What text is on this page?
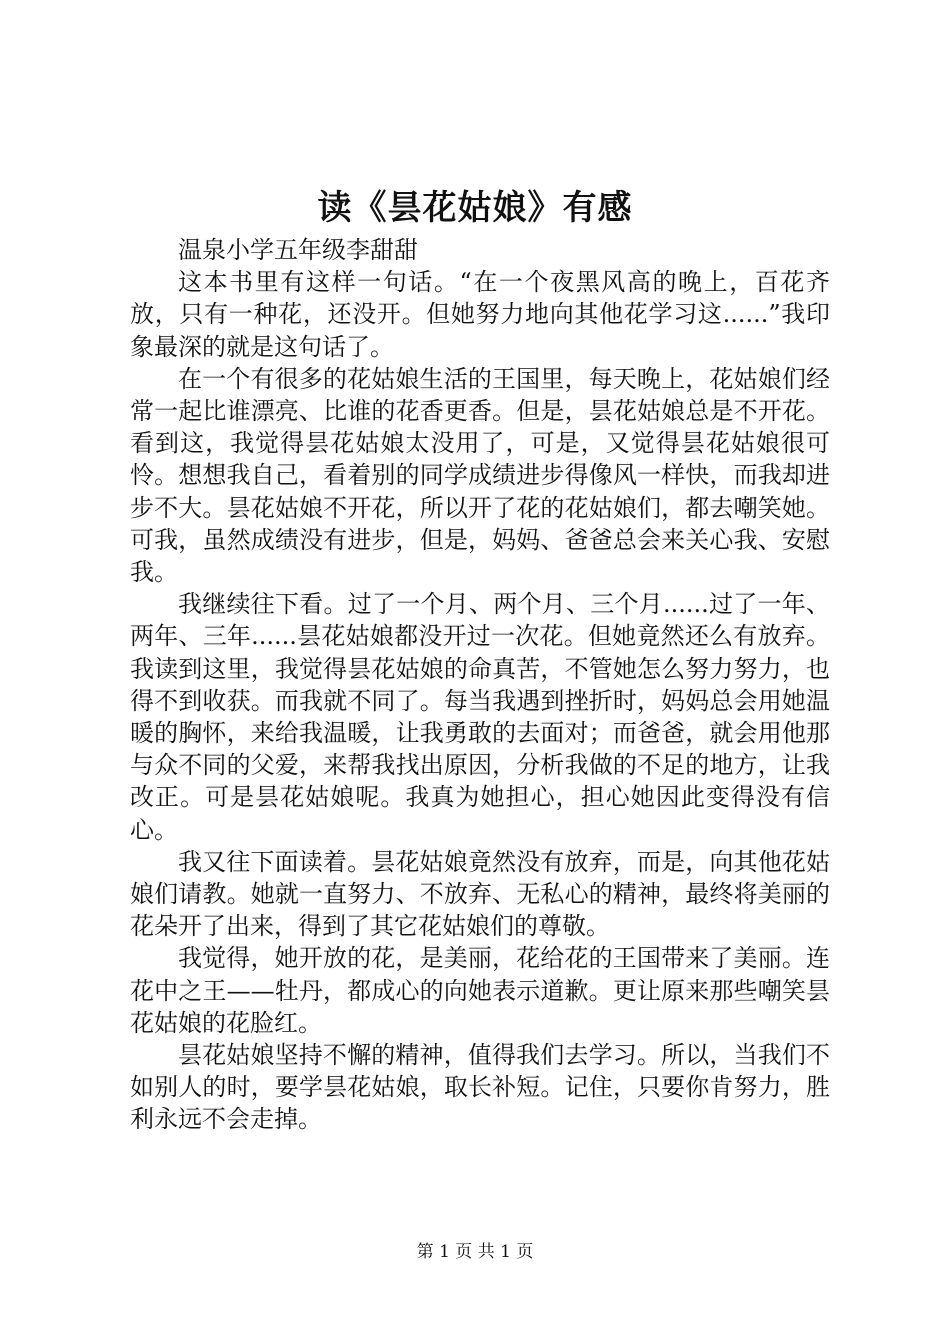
读《昙花姑娘》有感

温泉小学五年级李甜甜

这本书里有这样一句话。“在一个夜黑风高的晚上，百花齐放，只有一种花，还没开。但她努力地向其他花学习这......”我印象最深的就是这句话了。

在一个有很多的花姑娘生活的王国里，每天晚上，花姑娘们经常一起比谁漂亮、比谁的花香更香。但是，昙花姑娘总是不开花。看到这，我觉得昙花姑娘太没用了，可是，又觉得昙花姑娘很可怜。想想我自己，看着别的同学成绩进步得像风一样快，而我却进步不大。昙花姑娘不开花，所以开了花的花姑娘们，都去嘲笑她。可我，虽然成绩没有进步，但是，妈妈、爸爸总会来关心我、安慰我。

我继续往下看。过了一个月、两个月、三个月......过了一年、两年、三年......昙花姑娘都没开过一次花。但她竟然还么有放弃。我读到这里，我觉得昙花姑娘的命真苦，不管她怎么努力努力，也得不到收获。而我就不同了。每当我遇到挫折时，妈妈总会用她温暖的胸怀，来给我温暖，让我勇敢的去面对；而爸爸，就会用他那与众不同的父爱，来帮我找出原因，分析我做的不足的地方，让我改正。可是昙花姑娘呢。我真为她担心，担心她因此变得没有信心。

我又往下面读着。昙花姑娘竟然没有放弃，而是，向其他花姑娘们请教。她就一直努力、不放弃、无私心的精神，最终将美丽的花朵开了出来，得到了其它花姑娘们的尊敬。

我觉得，她开放的花，是美丽，花给花的王国带来了美丽。连花中之王——牡丹，都成心的向她表示道歉。更让原来那些嘲笑昙花姑娘的花脸红。

昙花姑娘坚持不懈的精神，值得我们去学习。所以，当我们不如别人的时，要学昙花姑娘，取长补短。记住，只要你肯努力，胜利永远不会走掉。

第 1 页 共 1 页
